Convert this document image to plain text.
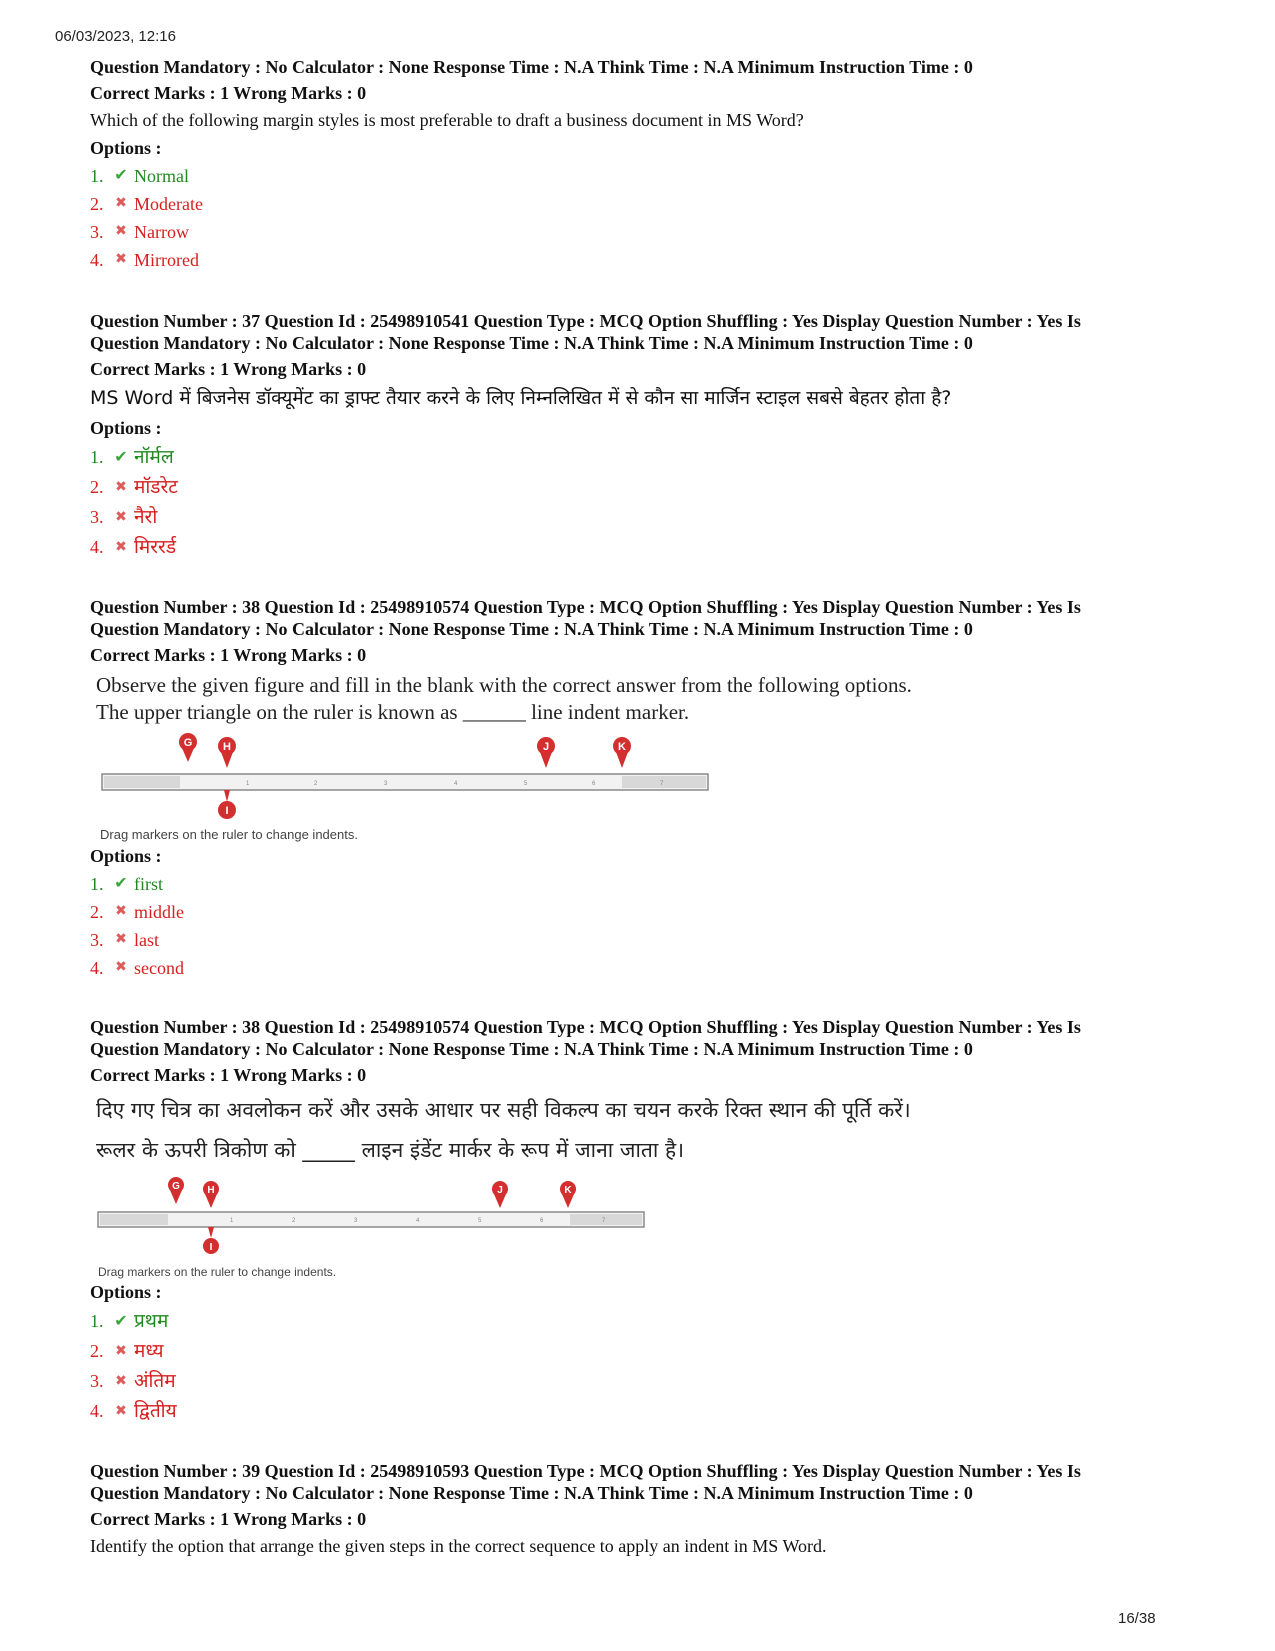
06/03/2023, 12:16

Question Mandatory : No Calculator : None Response Time : N.A Think Time : N.A Minimum Instruction Time : 0

Correct Marks : 1 Wrong Marks : 0

Which of the following margin styles is most preferable to draft a business document in MS Word?

Options :

1. ✔ Normal
2. ✖ Moderate
3. ✖ Narrow
4. ✖ Mirrored

Question Number : 37 Question Id : 25498910541 Question Type : MCQ Option Shuffling : Yes Display Question Number : Yes Is

Question Mandatory : No Calculator : None Response Time : N.A Think Time : N.A Minimum Instruction Time : 0

Correct Marks : 1 Wrong Marks : 0

MS Word में बिजनेस डॉक्यूमेंट का ड्राफ्ट तैयार करने के लिए निम्नलिखित में से कौन सा मार्जिन स्टाइल सबसे बेहतर होता है?

Options :

1. ✔ नॉर्मल
2. ✖ मॉडरेट
3. ✖ नैरो
4. ✖ मिररर्ड

Question Number : 38 Question Id : 25498910574 Question Type : MCQ Option Shuffling : Yes Display Question Number : Yes Is

Question Mandatory : No Calculator : None Response Time : N.A Think Time : N.A Minimum Instruction Time : 0

Correct Marks : 1 Wrong Marks : 0

Observe the given figure and fill in the blank with the correct answer from the following options.

The upper triangle on the ruler is known as ______ line indent marker.

1	2	3	4	5	6	7
G	H
I
J	K
Drag markers on the ruler to change indents.

Options :

1. ✔ first
2. ✖ middle
3. ✖ last
4. ✖ second

Question Number : 38 Question Id : 25498910574 Question Type : MCQ Option Shuffling : Yes Display Question Number : Yes Is

Question Mandatory : No Calculator : None Response Time : N.A Think Time : N.A Minimum Instruction Time : 0

Correct Marks : 1 Wrong Marks : 0

दिए गए चित्र का अवलोकन करें और उसके आधार पर सही विकल्प का चयन करके रिक्त स्थान की पूर्ति करें।

रूलर के ऊपरी त्रिकोण को _____ लाइन इंडेंट मार्कर के रूप में जाना जाता है।

1	2	3	4	5	6	7
G	H
I
J	K
Drag markers on the ruler to change indents.

Options :

1. ✔ प्रथम
2. ✖ मध्य
3. ✖ अंतिम
4. ✖ द्वितीय

Question Number : 39 Question Id : 25498910593 Question Type : MCQ Option Shuffling : Yes Display Question Number : Yes Is

Question Mandatory : No Calculator : None Response Time : N.A Think Time : N.A Minimum Instruction Time : 0

Correct Marks : 1 Wrong Marks : 0

Identify the option that arrange the given steps in the correct sequence to apply an indent in MS Word.

16/38
